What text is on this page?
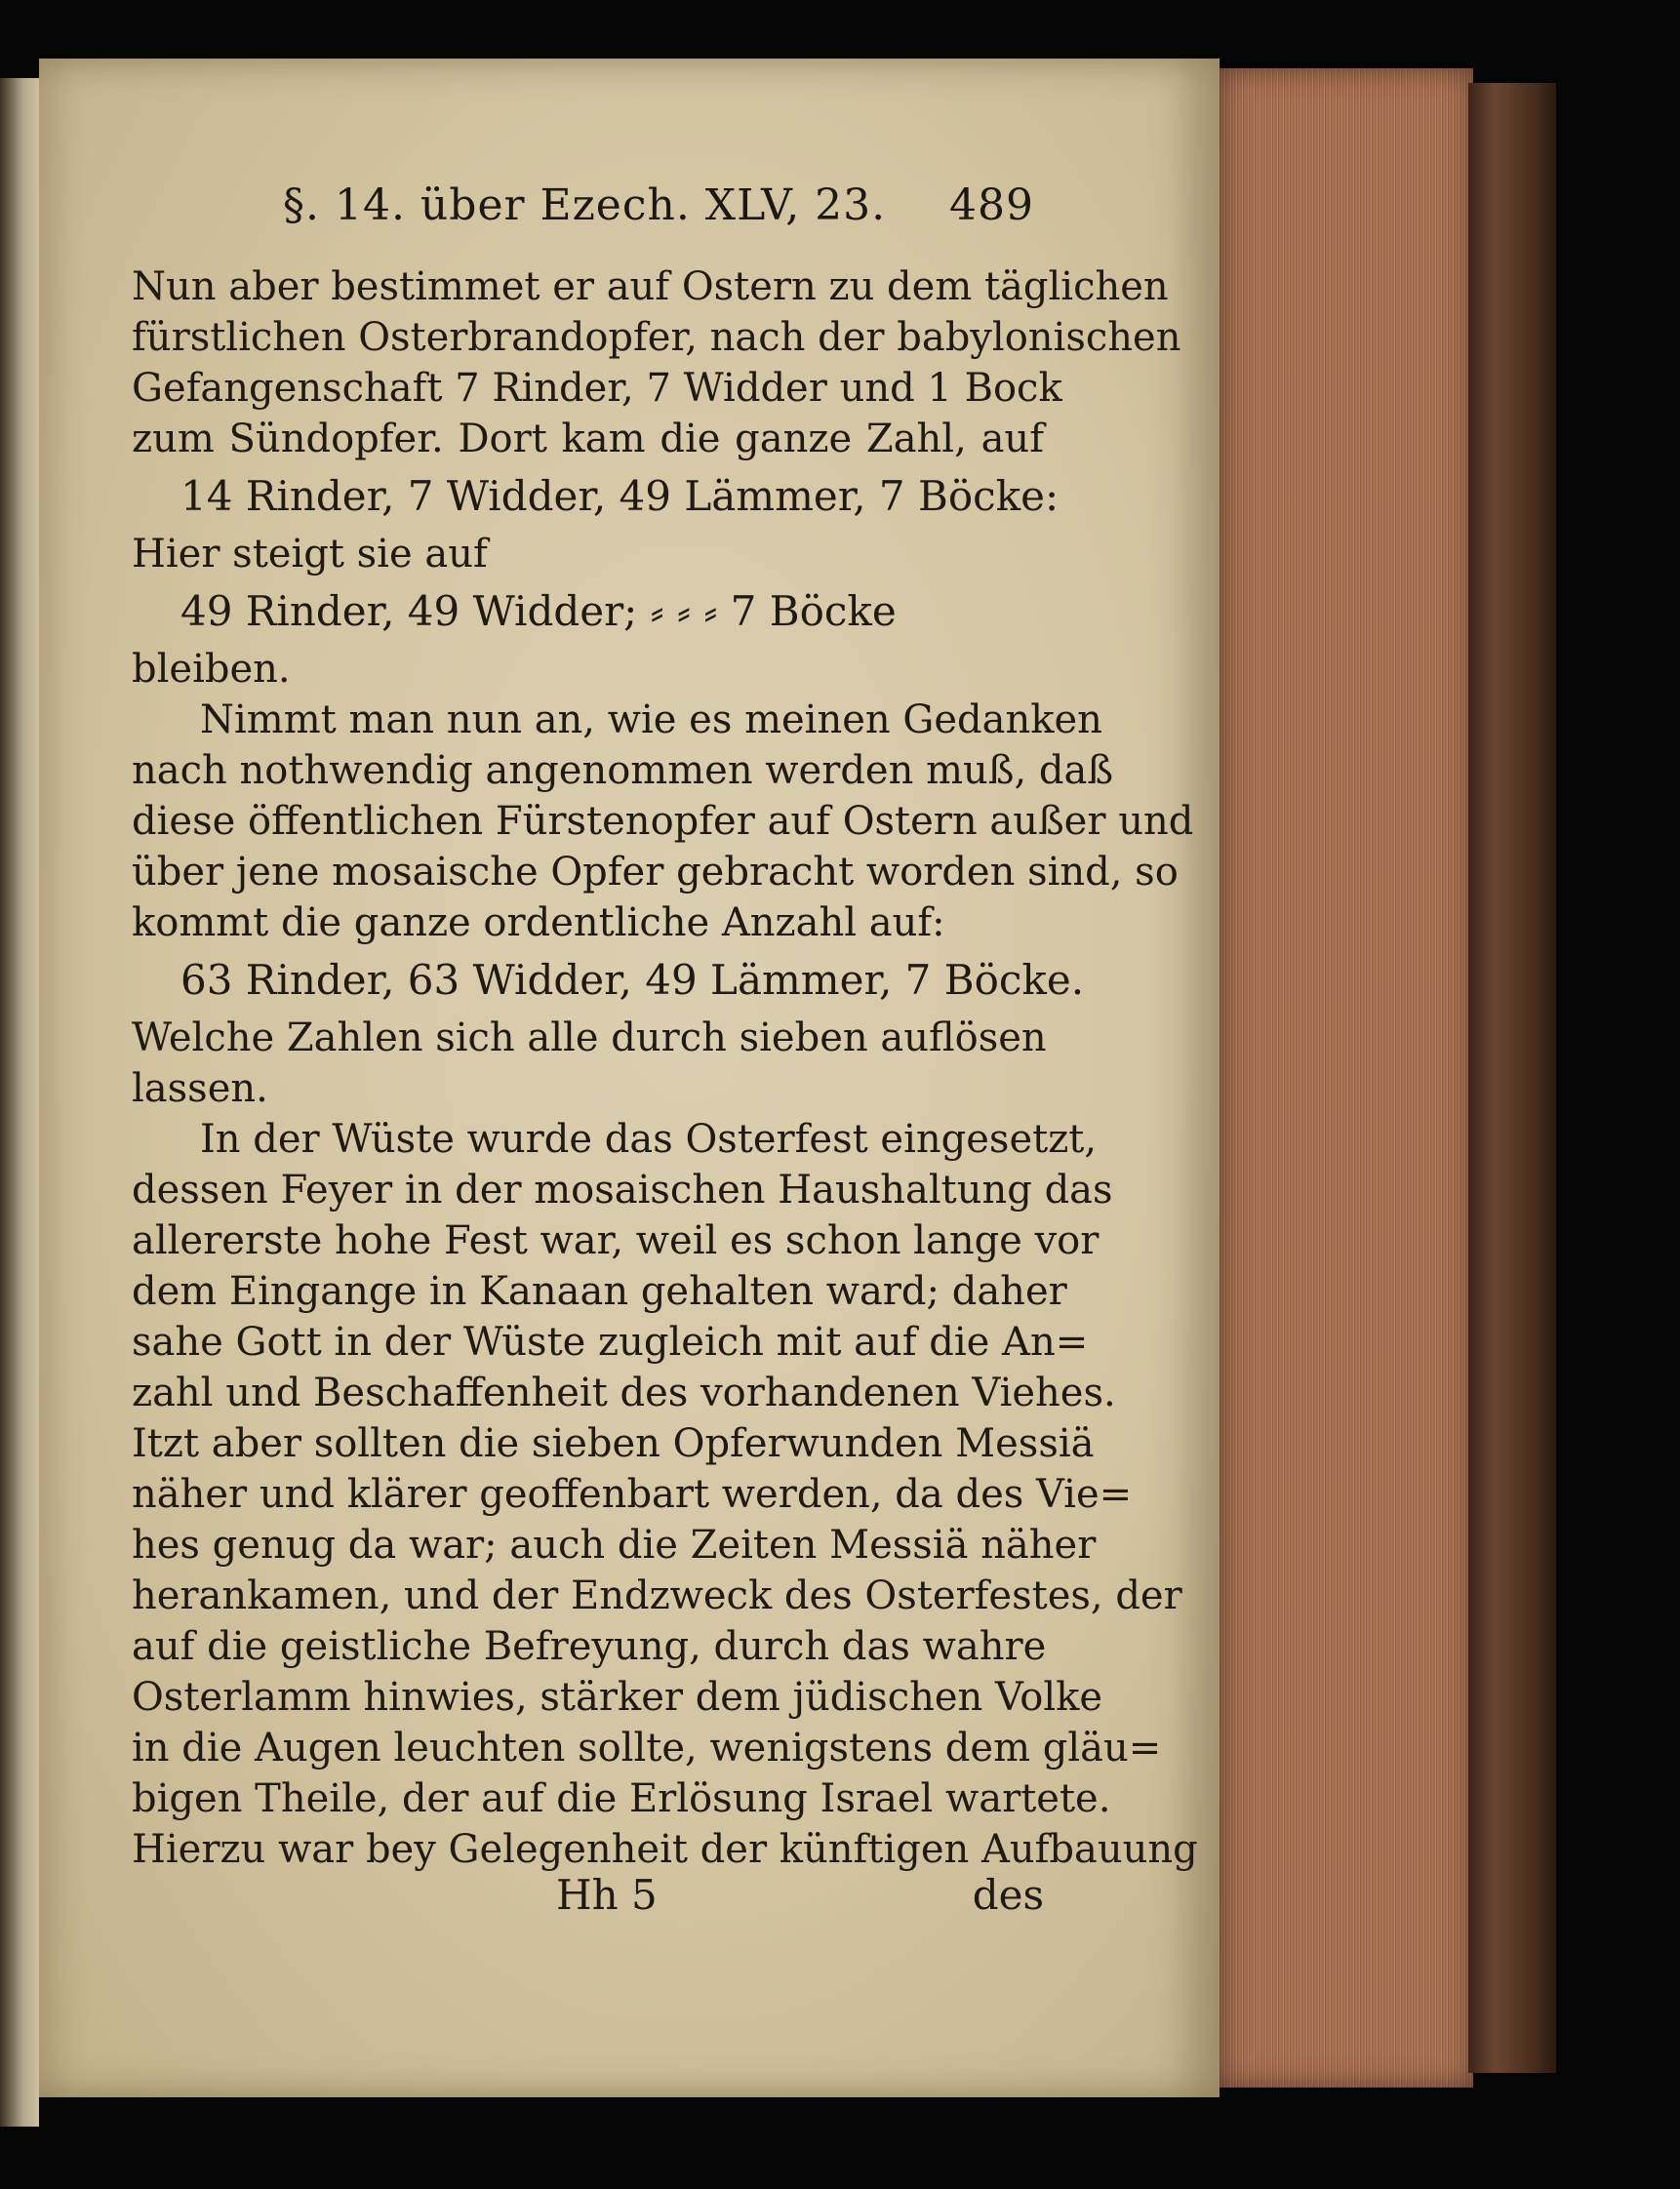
§. 14. über Ezech. XLV, 23. 489
Nun aber bestimmet er auf Ostern zu dem täglichen
fürstlichen Osterbrandopfer, nach der babylonischen
Gefangenschaft 7 Rinder, 7 Widder und 1 Bock
zum Sündopfer. Dort kam die ganze Zahl, auf
14 Rinder, 7 Widder, 49 Lämmer, 7 Böcke:
Hier steigt sie auf
49 Rinder, 49 Widder; ⸗ ⸗ ⸗ 7 Böcke
bleiben.
Nimmt man nun an, wie es meinen Gedanken
nach nothwendig angenommen werden muß, daß
diese öffentlichen Fürstenopfer auf Ostern außer und
über jene mosaische Opfer gebracht worden sind, so
kommt die ganze ordentliche Anzahl auf:
63 Rinder, 63 Widder, 49 Lämmer, 7 Böcke.
Welche Zahlen sich alle durch sieben auflösen
lassen.
In der Wüste wurde das Osterfest eingesetzt,
dessen Feyer in der mosaischen Haushaltung das
allererste hohe Fest war, weil es schon lange vor
dem Eingange in Kanaan gehalten ward; daher
sahe Gott in der Wüste zugleich mit auf die An=
zahl und Beschaffenheit des vorhandenen Viehes.
Itzt aber sollten die sieben Opferwunden Messiä
näher und klärer geoffenbart werden, da des Vie=
hes genug da war; auch die Zeiten Messiä näher
herankamen, und der Endzweck des Osterfestes, der
auf die geistliche Befreyung, durch das wahre
Osterlamm hinwies, stärker dem jüdischen Volke
in die Augen leuchten sollte, wenigstens dem gläu=
bigen Theile, der auf die Erlösung Israel wartete.
Hierzu war bey Gelegenheit der künftigen Aufbauung
Hh 5	des
